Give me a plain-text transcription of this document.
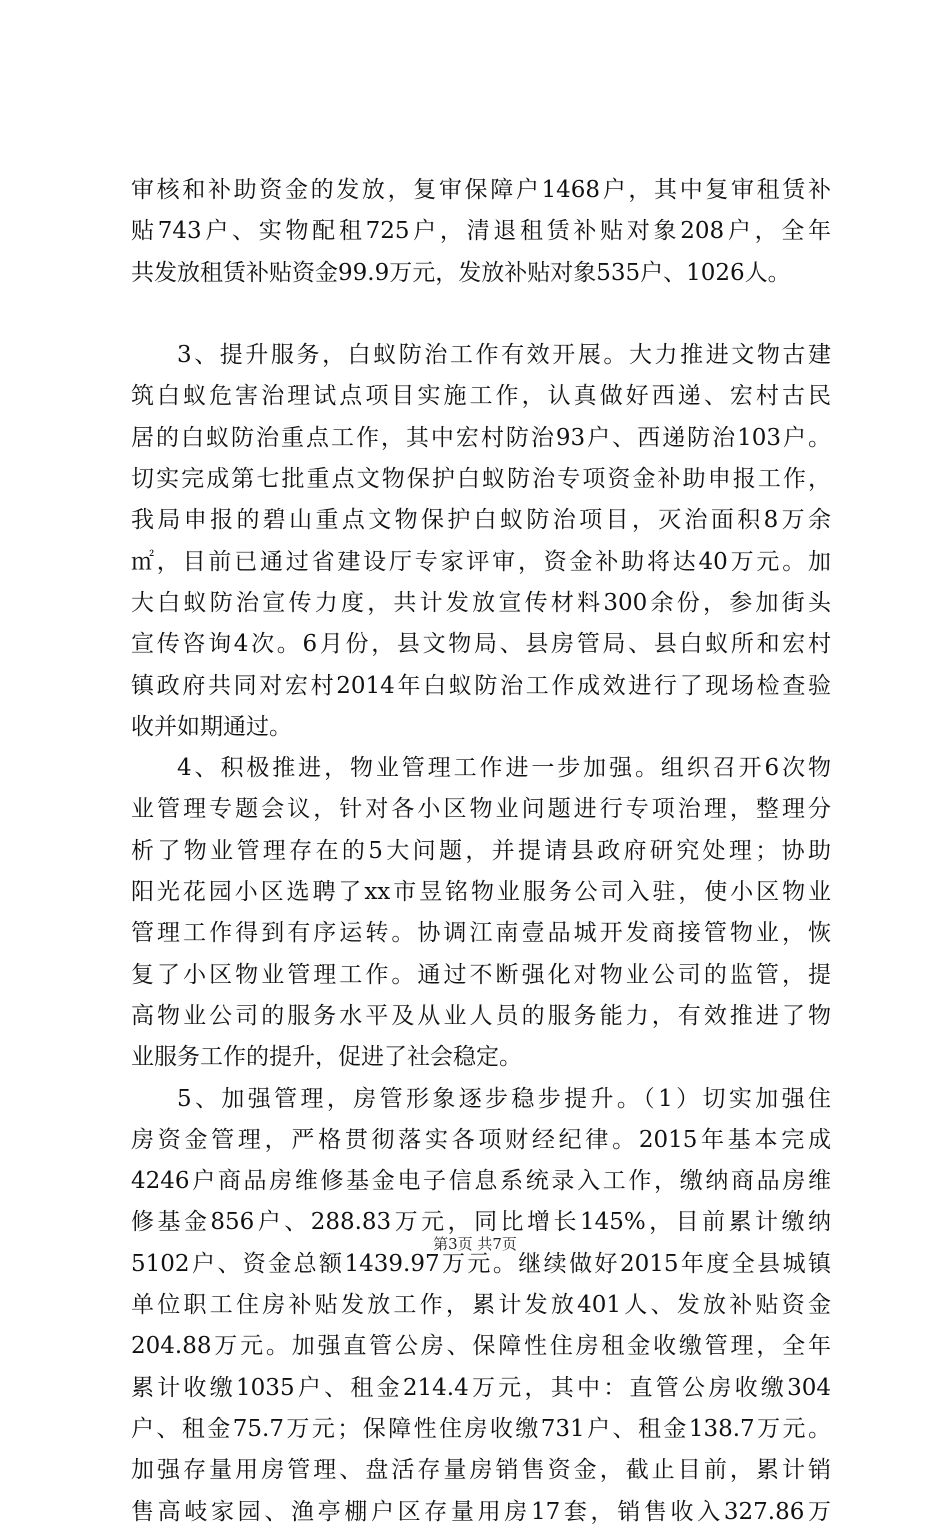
审核和补助资金的发放，复审保障户1468户，其中复审租赁补
贴743户、实物配租725户，清退租赁补贴对象208户，全年
共发放租赁补贴资金99.9万元，发放补贴对象535户、1026人。
3、提升服务，白蚁防治工作有效开展。大力推进文物古建
筑白蚁危害治理试点项目实施工作，认真做好西递、宏村古民
居的白蚁防治重点工作，其中宏村防治93户、西递防治103户。
切实完成第七批重点文物保护白蚁防治专项资金补助申报工作，
我局申报的碧山重点文物保护白蚁防治项目，灭治面积8万余
㎡，目前已通过省建设厅专家评审，资金补助将达40万元。加
大白蚁防治宣传力度，共计发放宣传材料300余份，参加街头
宣传咨询4次。6月份，县文物局、县房管局、县白蚁所和宏村
镇政府共同对宏村2014年白蚁防治工作成效进行了现场检查验
收并如期通过。
4、积极推进，物业管理工作进一步加强。组织召开6次物
业管理专题会议，针对各小区物业问题进行专项治理，整理分
析了物业管理存在的5大问题，并提请县政府研究处理；协助
阳光花园小区选聘了xx市昱铭物业服务公司入驻，使小区物业
管理工作得到有序运转。协调江南壹品城开发商接管物业，恢
复了小区物业管理工作。通过不断强化对物业公司的监管，提
高物业公司的服务水平及从业人员的服务能力，有效推进了物
业服务工作的提升，促进了社会稳定。
5、加强管理，房管形象逐步稳步提升。（1）切实加强住
房资金管理，严格贯彻落实各项财经纪律。2015年基本完成
4246户商品房维修基金电子信息系统录入工作，缴纳商品房维
修基金856户、288.83万元，同比增长145%，目前累计缴纳
5102户、资金总额1439.97万元。继续做好2015年度全县城镇
单位职工住房补贴发放工作，累计发放401人、发放补贴资金
204.88万元。加强直管公房、保障性住房租金收缴管理，全年
累计收缴1035户、租金214.4万元，其中：直管公房收缴304
户、租金75.7万元；保障性住房收缴731户、租金138.7万元。
加强存量用房管理、盘活存量房销售资金，截止目前，累计销
售高岐家园、渔亭棚户区存量用房17套，销售收入327.86万
第3页 共7页
